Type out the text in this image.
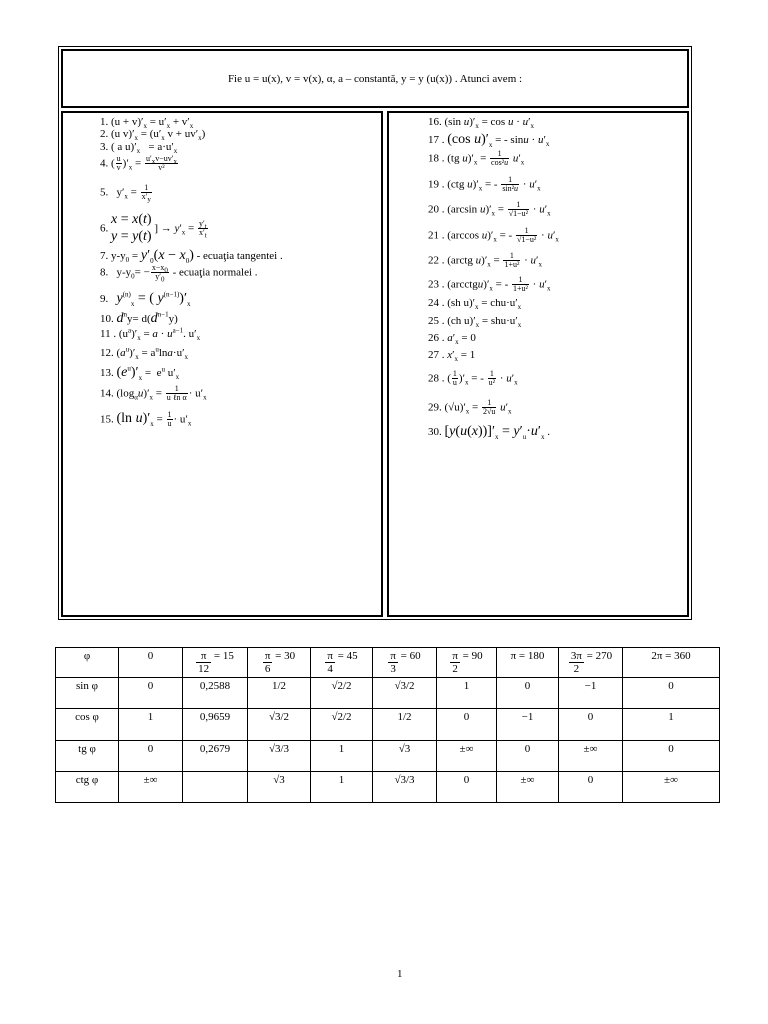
Fie u = u(x), v = v(x), α, a – constantă, y = y (u(x)) . Atunci avem :
1. $(u + v)'_x = u'_x + v'_x$
2. (u $v)'_x = (u'_x$ $v + uv'_x$)
3. ( a $u)'_x = a\cdot u'_x$
4. ( $\frac{u}{v} )'_x = \frac{u'_xv-uv'_x}{\text{v²}}$
5.   $y'_x = \frac{1}{x'_y}$
6. x = x(t)
y = y(t) ] → $y'_x = \frac{y'_t}{x'_t}$
7. $y-y_0 = y'_0(x - x_0)$ - ecuaţia tangentei .
8.   $y-y_0= - \frac{x-x_0}{y'_0}$ - ecuaţia normalei .
9. $y^{(n)}_x$ = ( $y^{(n-1)})'_x$
10. $d^ny= d(d^{n-1}y)$
11 . $(u^a)'_x = a \cdot u^{a-1}$. $u'_x$
12. $(a^u)'_x = a^u\ln a\cdot u'_x$
13. $(e^u)'_x = e^u$ $u'_x$
14. $(\log_\alpha u)'_x$ =	1
u ℓn $\alpha \cdot u'_x$
15. (ln $u)'_x = \frac{1}{u} \cdot u'_x$
16. (sin $u)'_x = \cos u \cdot u'_x$
17 . (cos $u)'_x$ = - $\sin u \cdot u'_x$
18 . (tg $u)'_x = \frac{1}{\text{cos²u}} u'_x$
19 . (ctg $u)'_x$ = - $\frac{1}{\text{sin²u}} \cdot u'_x$
20 . (arcsin $u)'_x = \frac{1}{\text{√1−u²}} \cdot u'_x$
21 . (arccos $u)'_x$ = - $\frac{1}{\text{√1−u²}} \cdot u'_x$
22 . (arctg $u)'_x = \frac{1}{\text{1+u²}} \cdot u'_x$
23 . $(arcctgu)'_x$ = - $\frac{1}{\text{1+u²}} \cdot u'_x$
24 . (sh $u)'_x = chu\cdot u'_x$
25 . (ch $u)'_x = shu\cdot u'_x$
26 . $a'_x = 0$
27 . $x'_x = 1$
28 . ( $\frac{1}{u} )'_x$ = - $\frac{1}{\text{u²}} \cdot u'_x$
29. $(√u)'_x = \frac{1}{2√u} u'_x$
30. $[y(u(x))]'_x = y'_u\cdot u'_x$ .
φ	0	$\frac{\pi}{12} = 15$	$\frac{\pi}{6} = 30$	$\frac{\pi}{4} = 45$	$\frac{\pi}{3} = 60$	$\frac{\pi}{2} = 90$	π = 180	$\frac{3\pi}{2} = 270$	2π = 360
sin φ	0	0,2588	1/2	√2/2	√3/2	1	0	−1	0
cos φ	1	0,9659	√3/2	√2/2	1/2	0	−1	0	1
tg φ	0	0,2679	√3/3	1	√3	±∞	0	±∞	0
ctg φ	±∞		√3	1	√3/3	0	±∞	0	±∞
1
